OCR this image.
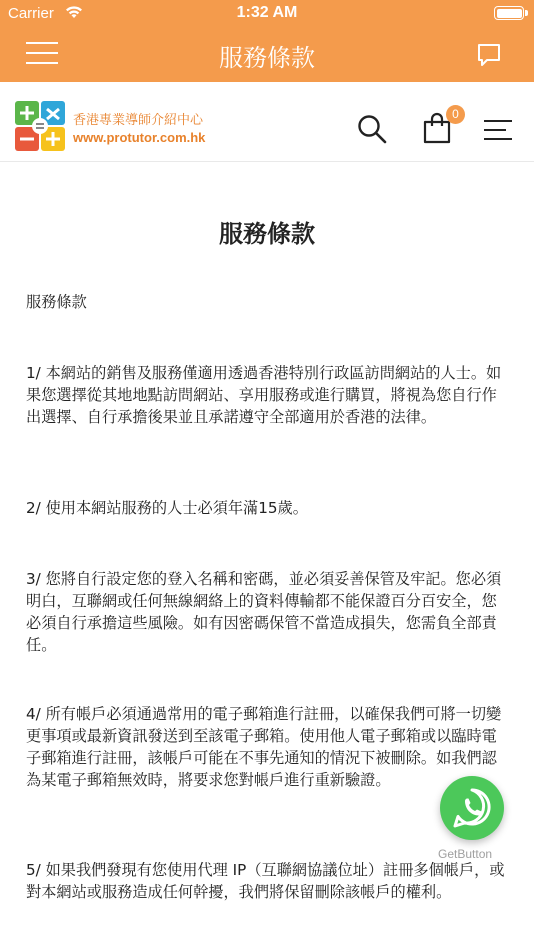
Carrier	1:32 AM
服務條款
香港專業導師介紹中心
www.protutor.com.hk
0
服務條款

服務條款

1/ 本網站的銷售及服務僅適用透過香港特別行政區訪問網站的人士。如果您選擇從其地地點訪問網站、享用服務或進行購買，將視為您自行作出選擇、自行承擔後果並且承諾遵守全部適用於香港的法律。

2/ 使用本網站服務的人士必須年滿15歲。

3/ 您將自行設定您的登入名稱和密碼，並必須妥善保管及牢記。您必須明白，互聯網或任何無線網絡上的資料傳輸都不能保證百分百安全，您必須自行承擔這些風險。如有因密碼保管不當造成損失，您需負全部責任。

4/ 所有帳戶必須通過常用的電子郵箱進行註冊，以確保我們可將一切變更事項或最新資訊發送到至該電子郵箱。使用他人電子郵箱或以臨時電子郵箱進行註冊，該帳戶可能在不事先通知的情況下被刪除。如我們認為某電子郵箱無效時，將要求您對帳戶進行重新驗證。

5/ 如果我們發現有您使用代理 IP（互聯網協議位址）註冊多個帳戶，或對本網站或服務造成任何幹擾，我們將保留刪除該帳戶的權利。

GetButton
